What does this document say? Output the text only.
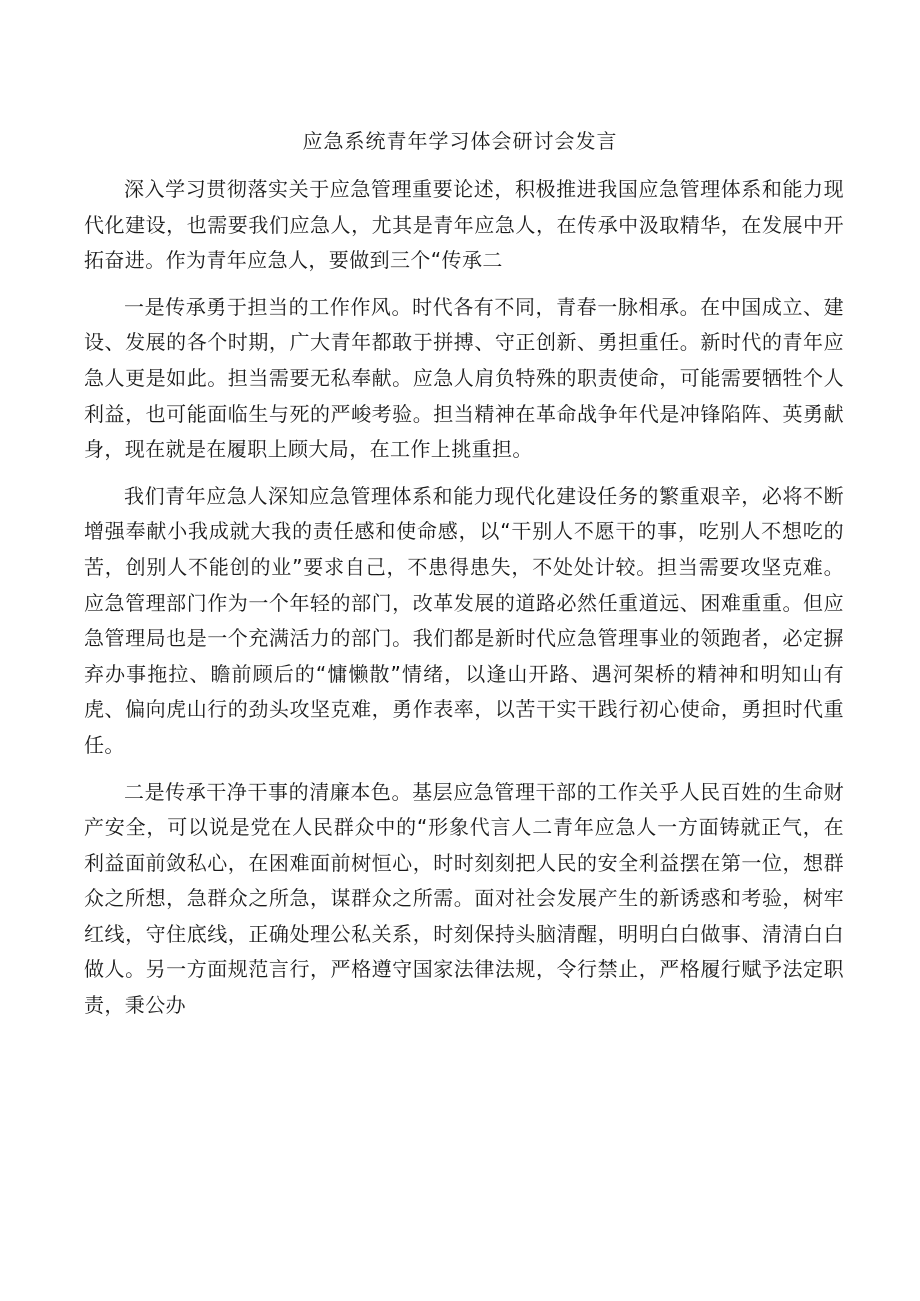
应急系统青年学习体会研讨会发言

深入学习贯彻落实关于应急管理重要论述，积极推进我国应急管理体系和能力现代化建设，也需要我们应急人，尤其是青年应急人，在传承中汲取精华，在发展中开拓奋进。作为青年应急人，要做到三个“传承二

一是传承勇于担当的工作作风。时代各有不同，青春一脉相承。在中国成立、建设、发展的各个时期，广大青年都敢于拼搏、守正创新、勇担重任。新时代的青年应急人更是如此。担当需要无私奉献。应急人肩负特殊的职责使命，可能需要牺牲个人利益，也可能面临生与死的严峻考验。担当精神在革命战争年代是冲锋陷阵、英勇献身，现在就是在履职上顾大局，在工作上挑重担。

我们青年应急人深知应急管理体系和能力现代化建设任务的繁重艰辛，必将不断增强奉献小我成就大我的责任感和使命感，以“干别人不愿干的事，吃别人不想吃的苦，创别人不能创的业”要求自己，不患得患失，不处处计较。担当需要攻坚克难。应急管理部门作为一个年轻的部门，改革发展的道路必然任重道远、困难重重。但应急管理局也是一个充满活力的部门。我们都是新时代应急管理事业的领跑者，必定摒弃办事拖拉、瞻前顾后的“慵懒散”情绪，以逢山开路、遇河架桥的精神和明知山有虎、偏向虎山行的劲头攻坚克难，勇作表率，以苦干实干践行初心使命，勇担时代重任。

二是传承干净干事的清廉本色。基层应急管理干部的工作关乎人民百姓的生命财产安全，可以说是党在人民群众中的“形象代言人二青年应急人一方面铸就正气，在利益面前敛私心，在困难面前树恒心，时时刻刻把人民的安全利益摆在第一位，想群众之所想，急群众之所急，谋群众之所需。面对社会发展产生的新诱惑和考验，树牢红线，守住底线，正确处理公私关系，时刻保持头脑清醒，明明白白做事、清清白白做人。另一方面规范言行，严格遵守国家法律法规，令行禁止，严格履行赋予法定职责，秉公办
